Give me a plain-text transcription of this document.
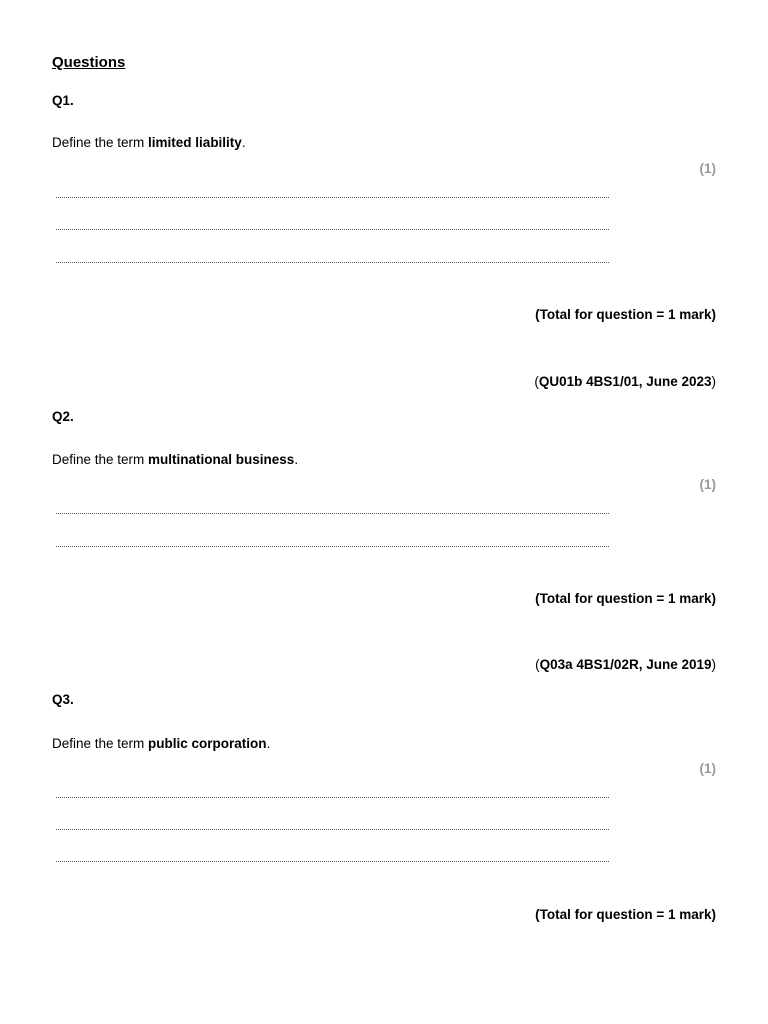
Questions

Q1.

Define the term limited liability.

(1)

(Total for question = 1 mark)

(QU01b 4BS1/01, June 2023)

Q2.

Define the term multinational business.

(1)

(Total for question = 1 mark)

(Q03a 4BS1/02R, June 2019)

Q3.

Define the term public corporation.

(1)

(Total for question = 1 mark)
